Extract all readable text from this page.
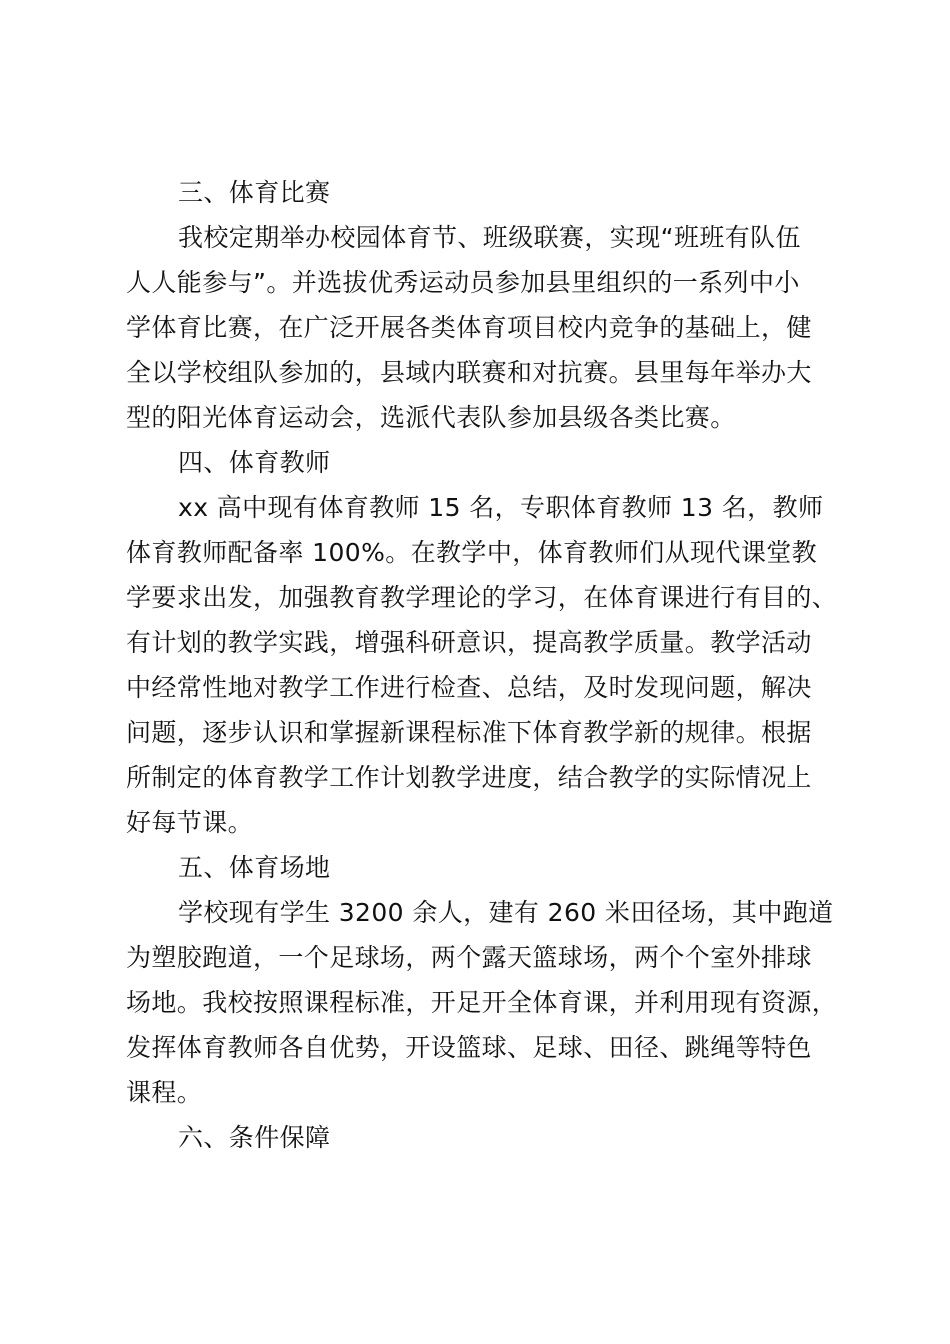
三、体育比赛
我校定期举办校园体育节、班级联赛，实现“班班有队伍
人人能参与”。并选拔优秀运动员参加县里组织的一系列中小
学体育比赛，在广泛开展各类体育项目校内竞争的基础上，健
全以学校组队参加的，县域内联赛和对抗赛。县里每年举办大
型的阳光体育运动会，选派代表队参加县级各类比赛。
四、体育教师
xx 高中现有体育教师 15 名，专职体育教师 13 名，教师
体育教师配备率 100%。在教学中，体育教师们从现代课堂教
学要求出发，加强教育教学理论的学习，在体育课进行有目的、
有计划的教学实践，增强科研意识，提高教学质量。教学活动
中经常性地对教学工作进行检查、总结，及时发现问题，解决
问题，逐步认识和掌握新课程标准下体育教学新的规律。根据
所制定的体育教学工作计划教学进度，结合教学的实际情况上
好每节课。
五、体育场地
学校现有学生 3200 余人，建有 260 米田径场，其中跑道
为塑胶跑道，一个足球场，两个露天篮球场，两个个室外排球
场地。我校按照课程标准，开足开全体育课，并利用现有资源，
发挥体育教师各自优势，开设篮球、足球、田径、跳绳等特色
课程。
六、条件保障
